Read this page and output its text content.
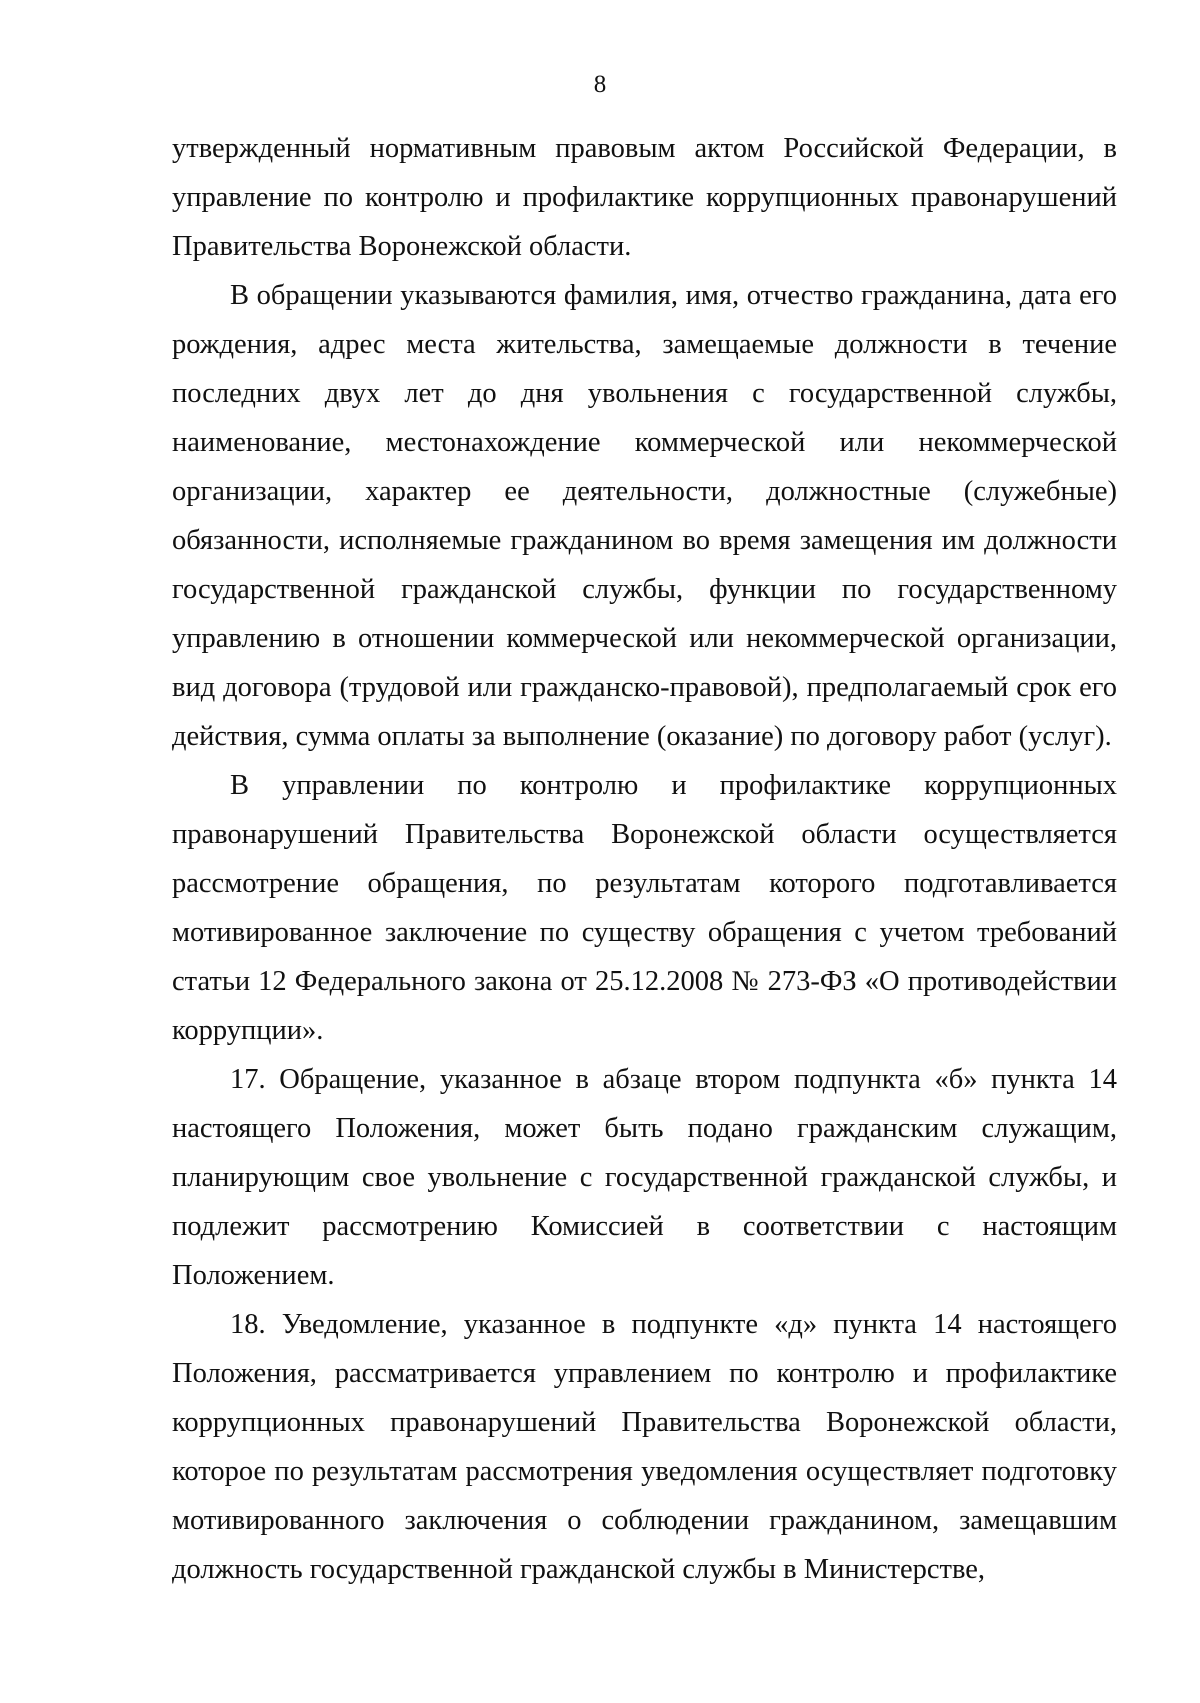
8

утвержденный нормативным правовым актом Российской Федерации, в управление по контролю и профилактике коррупционных правонарушений Правительства Воронежской области.

В обращении указываются фамилия, имя, отчество гражданина, дата его рождения, адрес места жительства, замещаемые должности в течение последних двух лет до дня увольнения с государственной службы, наименование, местонахождение коммерческой или некоммерческой организации, характер ее деятельности, должностные (служебные) обязанности, исполняемые гражданином во время замещения им должности государственной гражданской службы, функции по государственному управлению в отношении коммерческой или некоммерческой организации, вид договора (трудовой или гражданско-правовой), предполагаемый срок его действия, сумма оплаты за выполнение (оказание) по договору работ (услуг).

В управлении по контролю и профилактике коррупционных правонарушений Правительства Воронежской области осуществляется рассмотрение обращения, по результатам которого подготавливается мотивированное заключение по существу обращения с учетом требований статьи 12 Федерального закона от 25.12.2008 № 273-ФЗ «О противодействии коррупции».

17. Обращение, указанное в абзаце втором подпункта «б» пункта 14 настоящего Положения, может быть подано гражданским служащим, планирующим свое увольнение с государственной гражданской службы, и подлежит рассмотрению Комиссией в соответствии с настоящим Положением.

18. Уведомление, указанное в подпункте «д» пункта 14 настоящего Положения, рассматривается управлением по контролю и профилактике коррупционных правонарушений Правительства Воронежской области, которое по результатам рассмотрения уведомления осуществляет подготовку мотивированного заключения о соблюдении гражданином, замещавшим должность государственной гражданской службы в Министерстве,
